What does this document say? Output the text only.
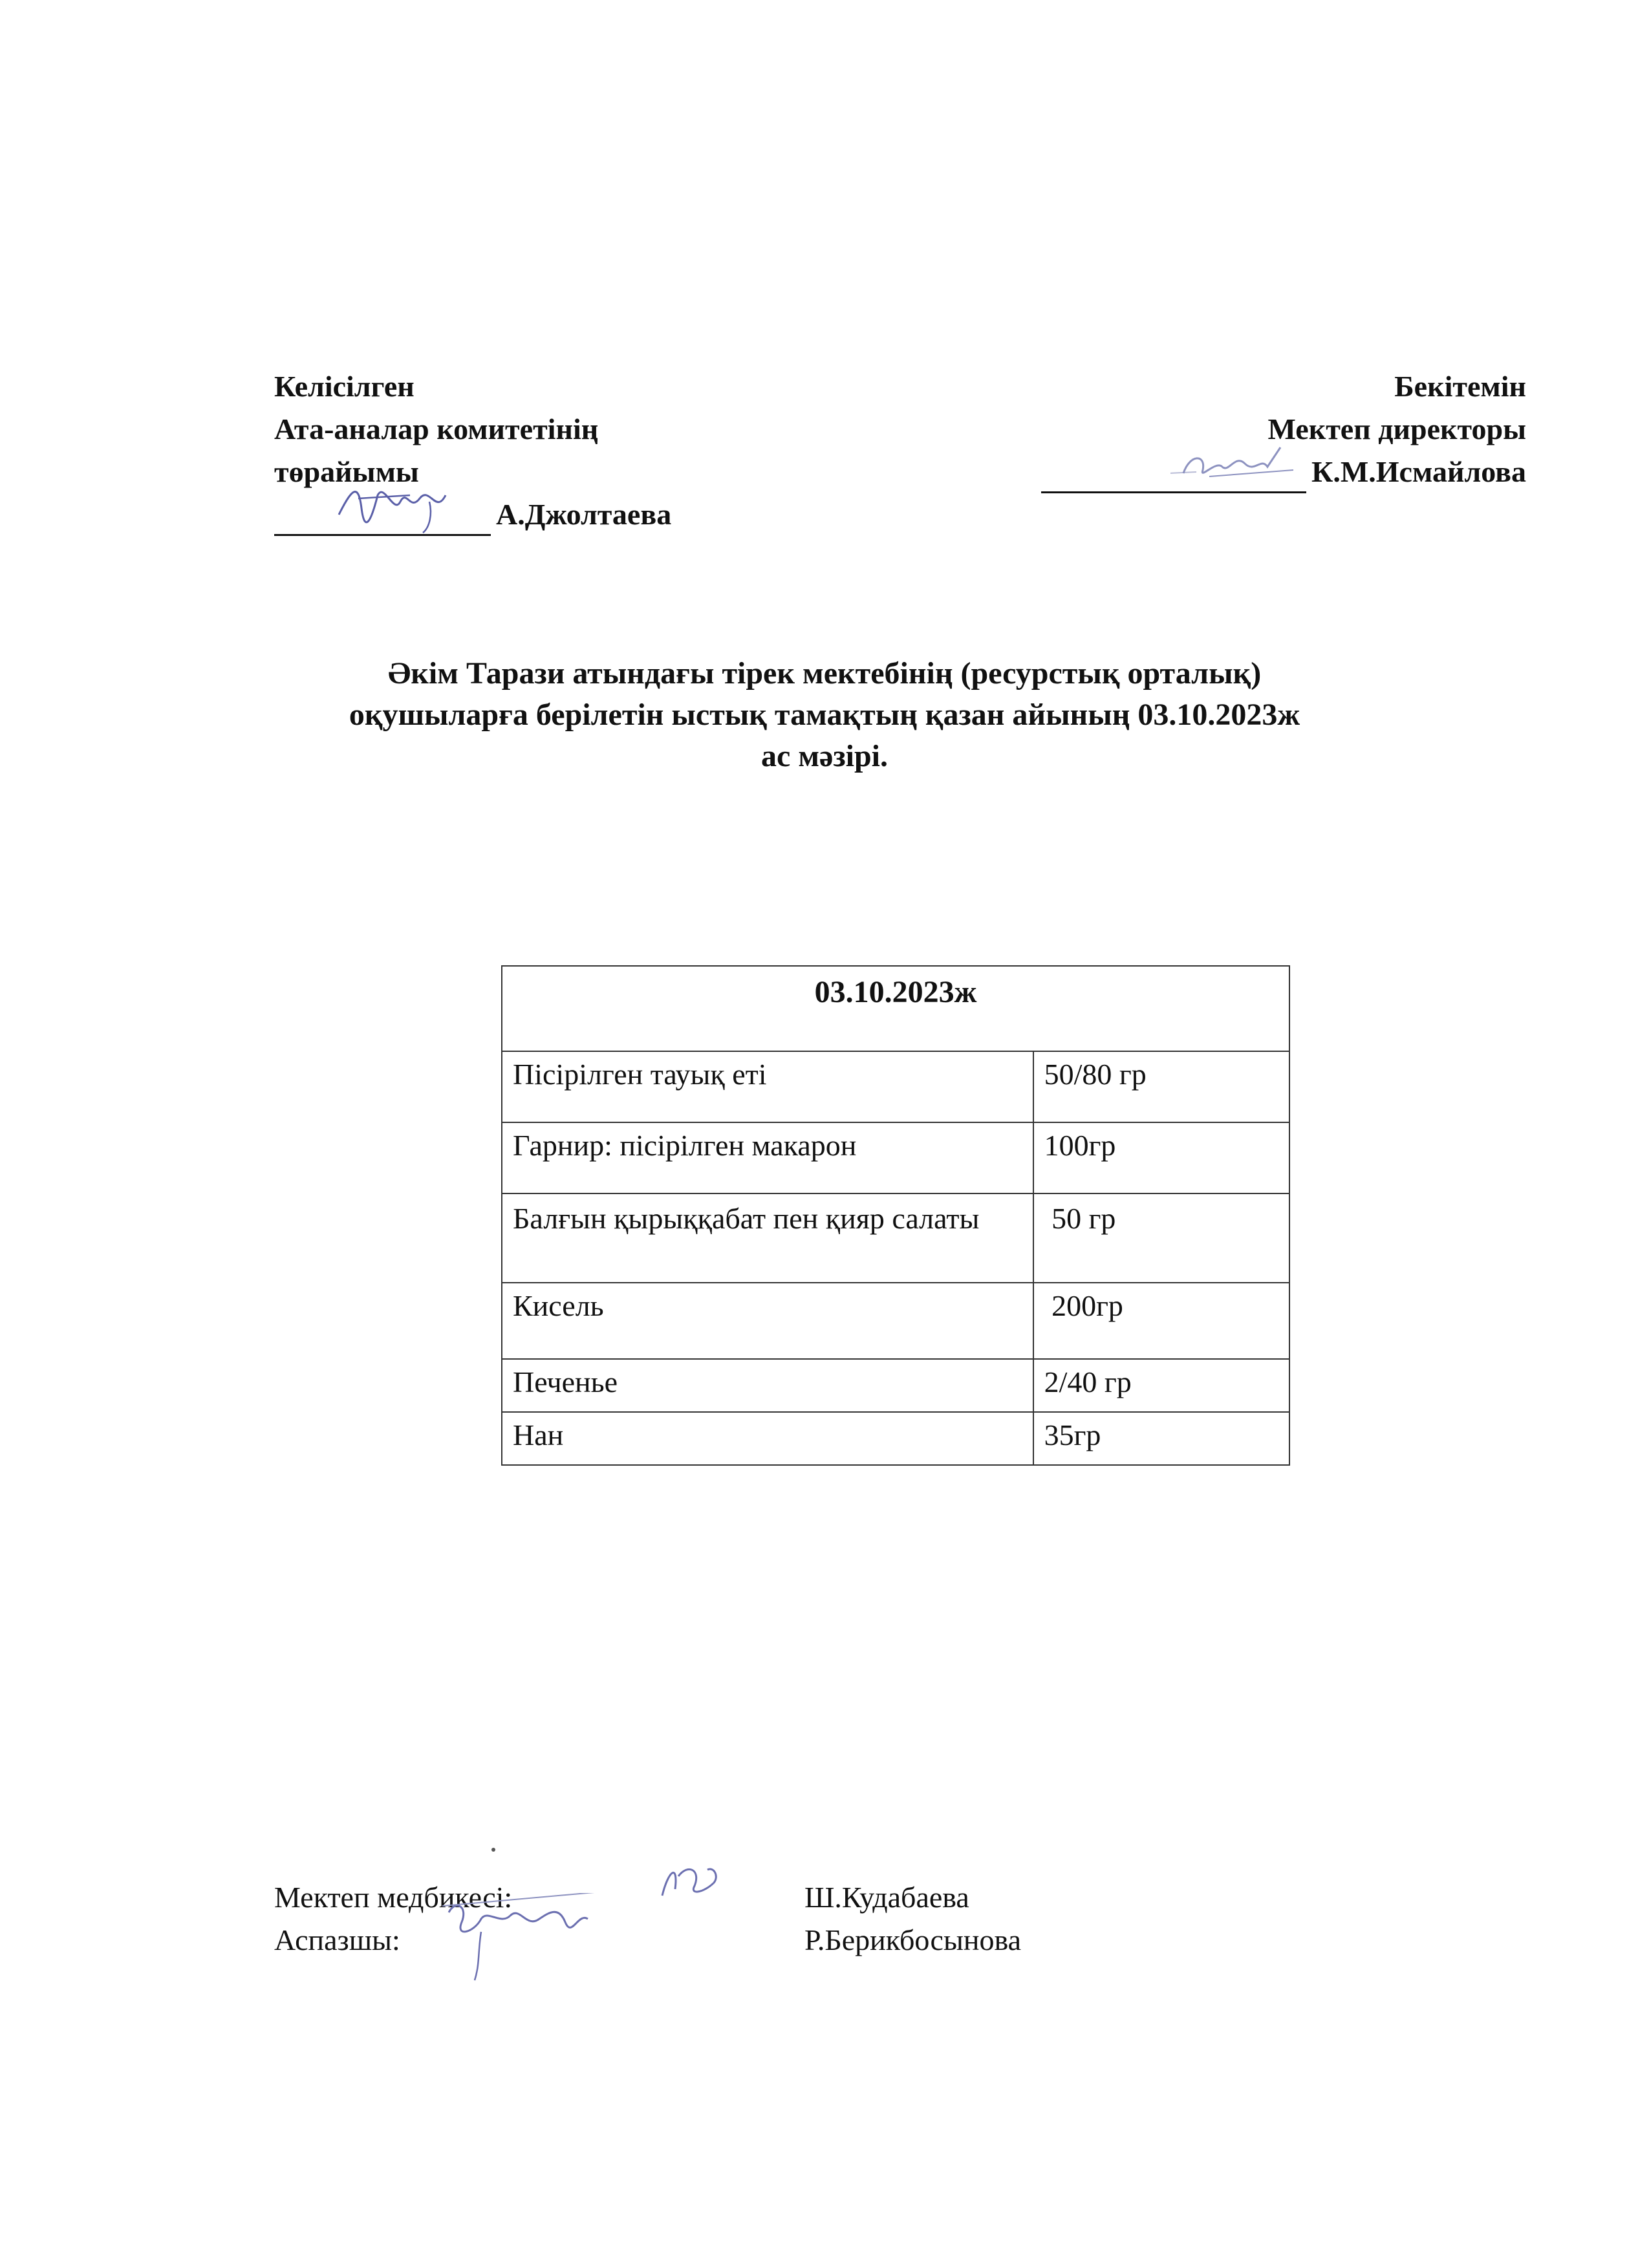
Келісілген
Ата-аналар комитетінің
төрайымы
А.Джолтаева
Бекітемін
Мектеп директоры
К.М.Исмайлова
Әкім Тарази атындағы тірек мектебінің (ресурстық орталық)
оқушыларға берілетін ыстық тамақтың қазан айының 03.10.2023ж
ас мәзірі.
03.10.2023ж	
Пісірілген тауық еті	50/80 гр
Гарнир: пісірілген макарон	100гр
Балғын қырыққабат пен қияр салаты	50 гр
Кисель	200гр
Печенье	2/40 гр
Нан	35гр
Мектеп медбикесі:	Ш.Кудабаева
Аспазшы:	Р.Берикбосынова
